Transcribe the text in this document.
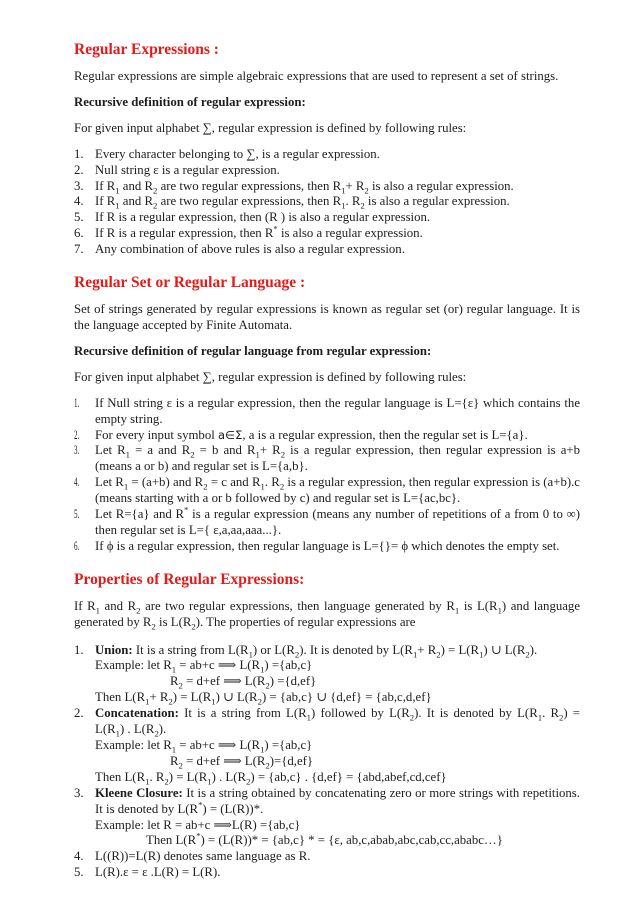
Regular Expressions :

Regular expressions are simple algebraic expressions that are used to represent a set of strings.

Recursive definition of regular expression:

For given input alphabet ∑, regular expression is defined by following rules:

1. Every character belonging to ∑, is a regular expression.
2. Null string ε is a regular expression.
3. If $R_1$ and $R_2$ are two regular expressions, then $R_1+ R_2$ is also a regular expression.
4. If $R_1$ and $R_2$ are two regular expressions, then $R_1$. $R_2$ is also a regular expression.
5. If R is a regular expression, then (R ) is also a regular expression.
6. If R is a regular expression, then R* is also a regular expression.
7. Any combination of above rules is also a regular expression.
Regular Set or Regular Language :

Set of strings generated by regular expressions is known as regular set (or) regular language. It is the language accepted by Finite Automata.

Recursive definition of regular language from regular expression:

For given input alphabet ∑, regular expression is defined by following rules:

1.	If Null string ε is a regular expression, then the regular language is L={ε} which contains the empty string.
2.	For every input symbol a∈Σ, a is a regular expression, then the regular set is L={a}.
3.	Let $R_1 = a$ and $R_2 = b$ and $R_1+ R_2$ is a regular expression, then regular expression is a+b (means a or b) and regular set is L={a,b}.
4.	Let $R_1 = (a+b)$ and $R_2 = c$ and $R_1$. $R_2$ is a regular expression, then regular expression is (a+b).c (means starting with a or b followed by c) and regular set is L={ac,bc}.
5.	Let R={a} and R* is a regular expression (means any number of repetitions of a from 0 to ∞) then regular set is L={ ε,a,aa,aaa...}.
6.	If ϕ is a regular expression, then regular language is L={}= ϕ which denotes the empty set.
Properties of Regular Expressions:

If $R_1$ and $R_2$ are two regular expressions, then language generated by $R_1$ is $L(R_1)$ and language generated by $R_2$ is $L(R_2)$. The properties of regular expressions are

1. Union: It is a string from $L(R_1)$ or $L(R_2)$. It is denoted by $L(R_1+ R_2) = L(R_1)$ ∪ $L(R_2)$.
Example: let $R_1 = ab+c$ ⟹ $L(R_1) =\{ab,c\}$
$R_2 = d+ef$ ⟹ $L(R_2) =\{d,ef\}$
Then $L(R_1+ R_2) = L(R_1)$ ∪ $L(R_2) = \{ab,c\}$ ∪ {d,ef} = {ab,c,d,ef}
2. Concatenation: It is a string from $L(R_1)$ followed by $L(R_2)$. It is denoted by $L(R_1$. $R_2) = L(R_1)$ . $L(R_2)$.
Example: let $R_1 = ab+c$ ⟹ $L(R_1) =\{ab,c\}$
$R_2 = d+ef$ ⟹ $L(R_2)=\{d,ef\}$
Then $L(R_1$. $R_2) = L(R_1)$ . $L(R_2) = \{ab,c\}$ . {d,ef} = {abd,abef,cd,cef}
3. Kleene Closure: It is a string obtained by concatenating zero or more strings with repetitions. It is denoted by L(R*) = (L(R))*.
Example: let R = ab+c ⟹L(R) ={ab,c}
Then L(R*) = (L(R))* = {ab,c} * = {ε, ab,c,abab,abc,cab,cc,ababc…}
4. L((R))=L(R) denotes same language as R.
5. L(R).ε = ε .L(R) = L(R).
